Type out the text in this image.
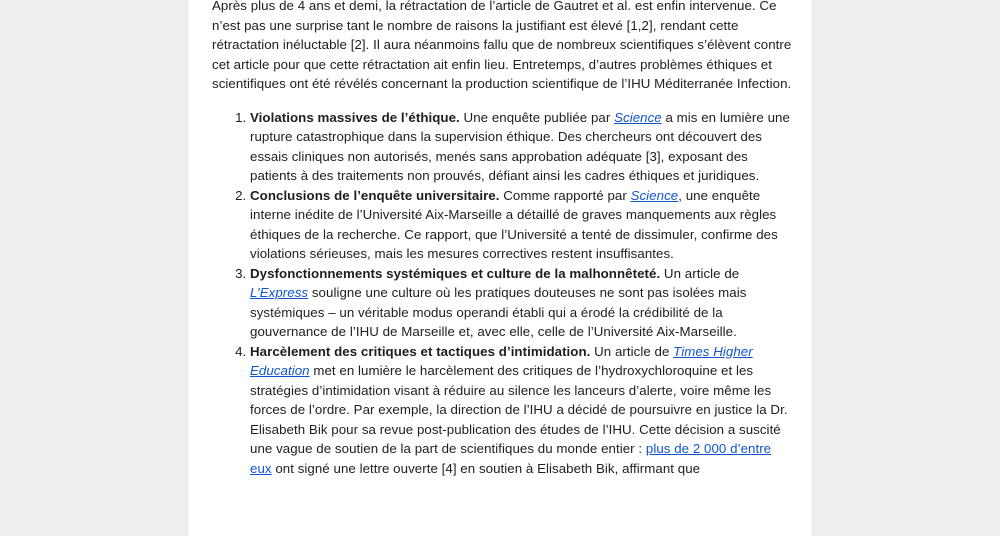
Après plus de 4 ans et demi, la rétractation de l’article de Gautret et al. est enfin intervenue. Ce n’est pas une surprise tant le nombre de raisons la justifiant est élevé [1,2], rendant cette rétractation inéluctable [2]. Il aura néanmoins fallu que de nombreux scientifiques s’élèvent contre cet article pour que cette rétractation ait enfin lieu. Entretemps, d’autres problèmes éthiques et scientifiques ont été révélés concernant la production scientifique de l’IHU Méditerranée Infection.

1. Violations massives de l’éthique. Une enquête publiée par Science a mis en lumière une rupture catastrophique dans la supervision éthique. Des chercheurs ont découvert des essais cliniques non autorisés, menés sans approbation adéquate [3], exposant des patients à des traitements non prouvés, défiant ainsi les cadres éthiques et juridiques.
2. Conclusions de l’enquête universitaire. Comme rapporté par Science, une enquête interne inédite de l’Université Aix-Marseille a détaillé de graves manquements aux règles éthiques de la recherche. Ce rapport, que l’Université a tenté de dissimuler, confirme des violations sérieuses, mais les mesures correctives restent insuffisantes.
3. Dysfonctionnements systémiques et culture de la malhonnêteté. Un article de L’Express souligne une culture où les pratiques douteuses ne sont pas isolées mais systémiques – un véritable modus operandi établi qui a érodé la crédibilité de la gouvernance de l’IHU de Marseille et, avec elle, celle de l’Université Aix-Marseille.
4. Harcèlement des critiques et tactiques d’intimidation. Un article de Times Higher Education met en lumière le harcèlement des critiques de l’hydroxychloroquine et les stratégies d’intimidation visant à réduire au silence les lanceurs d’alerte, voire même les forces de l’ordre. Par exemple, la direction de l’IHU a décidé de poursuivre en justice la Dr. Elisabeth Bik pour sa revue post-publication des études de l’IHU. Cette décision a suscité une vague de soutien de la part de scientifiques du monde entier : plus de 2 000 d’entre eux ont signé une lettre ouverte [4] en soutien à Elisabeth Bik, affirmant que
